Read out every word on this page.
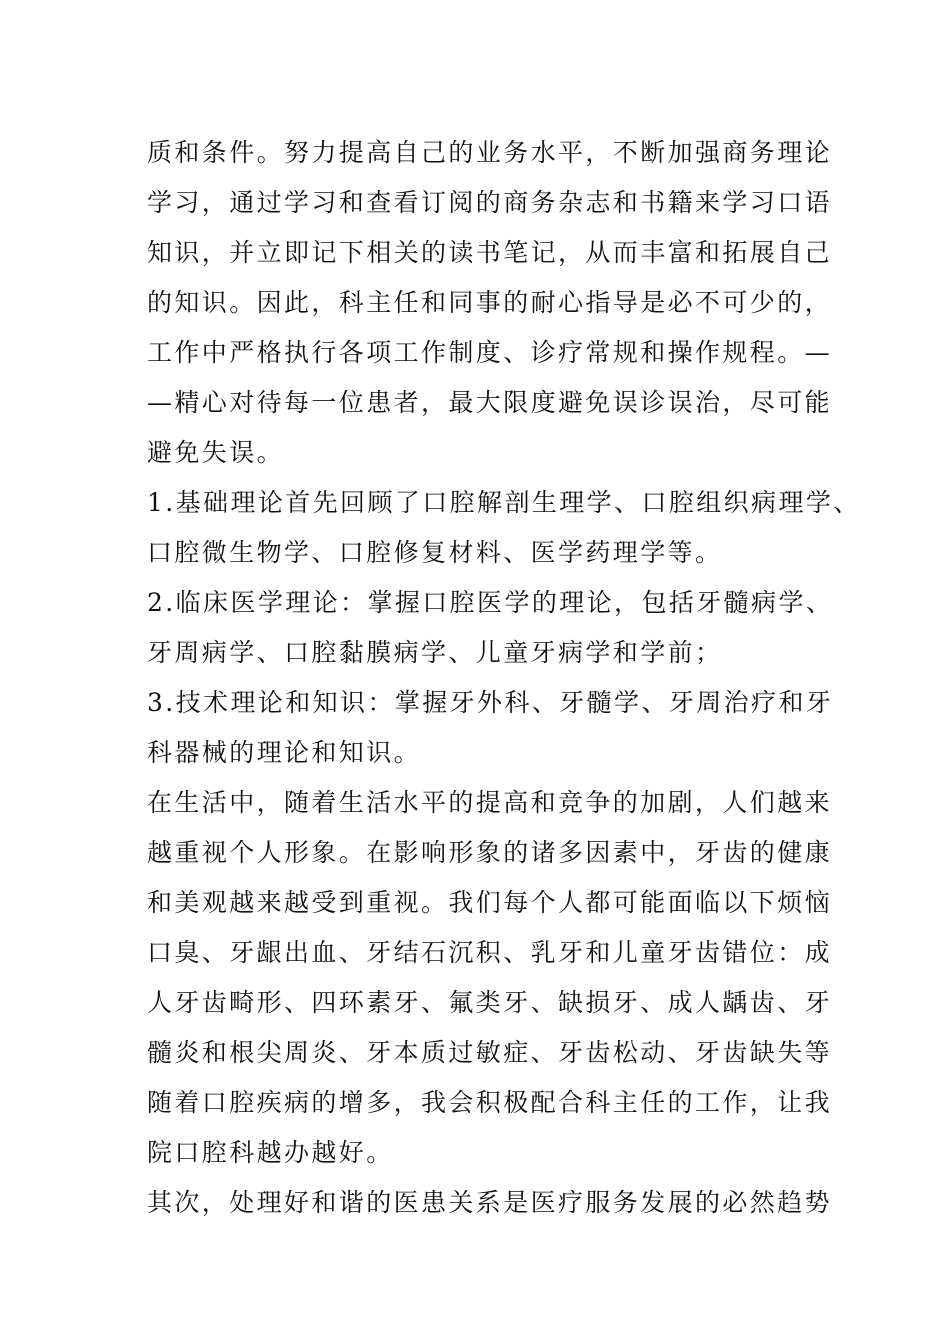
质和条件。努力提高自己的业务水平，不断加强商务理论
学习，通过学习和查看订阅的商务杂志和书籍来学习口语
知识，并立即记下相关的读书笔记，从而丰富和拓展自己
的知识。因此，科主任和同事的耐心指导是必不可少的，
工作中严格执行各项工作制度、诊疗常规和操作规程。—
—精心对待每一位患者，最大限度避免误诊误治，尽可能
避免失误。
1.基础理论首先回顾了口腔解剖生理学、口腔组织病理学、
口腔微生物学、口腔修复材料、医学药理学等。
2.临床医学理论：掌握口腔医学的理论，包括牙髓病学、
牙周病学、口腔黏膜病学、儿童牙病学和学前；
3.技术理论和知识：掌握牙外科、牙髓学、牙周治疗和牙
科器械的理论和知识。
在生活中，随着生活水平的提高和竞争的加剧，人们越来
越重视个人形象。在影响形象的诸多因素中，牙齿的健康
和美观越来越受到重视。我们每个人都可能面临以下烦恼
口臭、牙龈出血、牙结石沉积、乳牙和儿童牙齿错位：成
人牙齿畸形、四环素牙、氟类牙、缺损牙、成人龋齿、牙
髓炎和根尖周炎、牙本质过敏症、牙齿松动、牙齿缺失等
随着口腔疾病的增多，我会积极配合科主任的工作，让我
院口腔科越办越好。
其次，处理好和谐的医患关系是医疗服务发展的必然趋势
